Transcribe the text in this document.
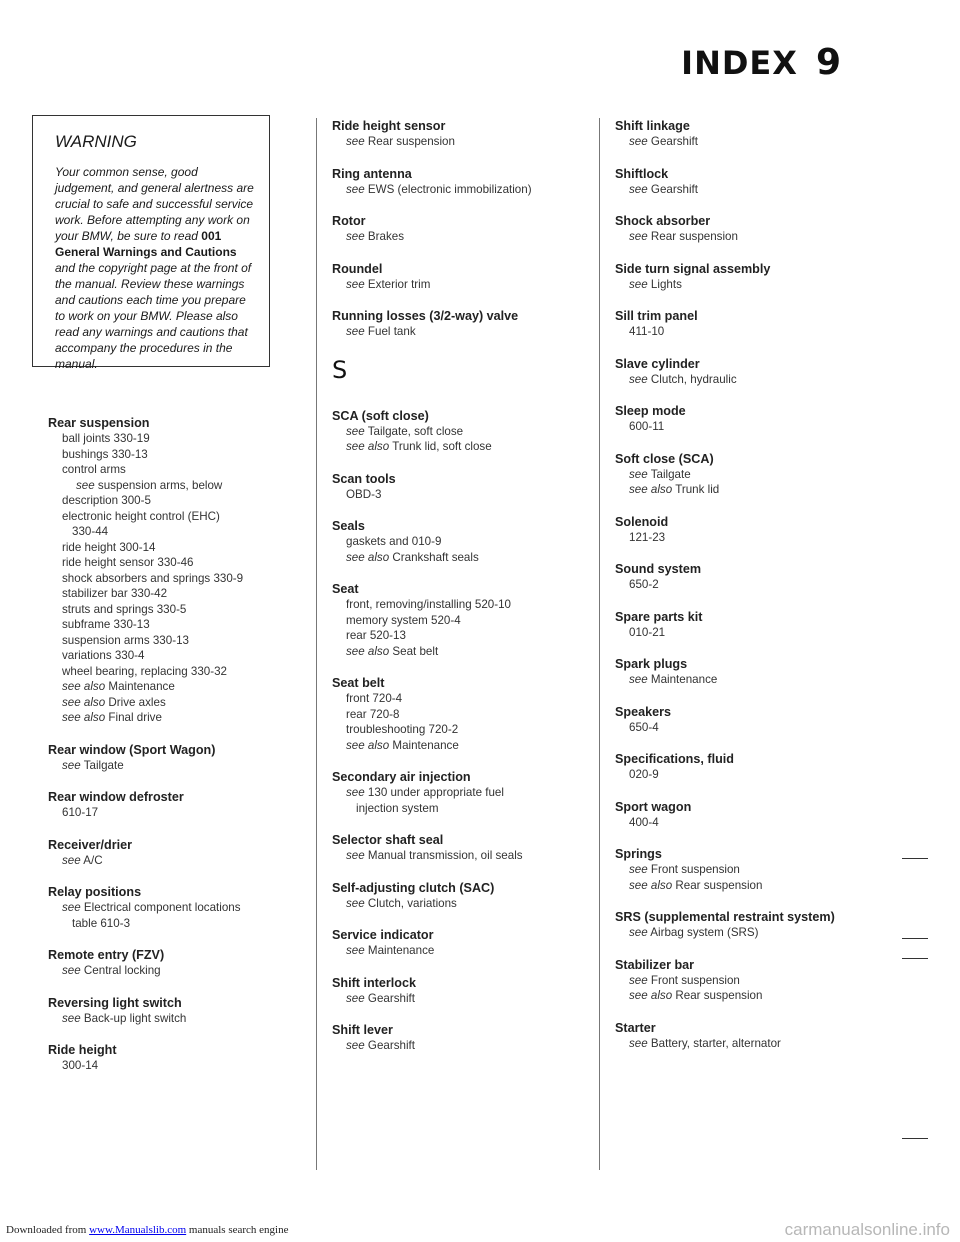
INDEX 9
WARNING
Your common sense, good judgement, and general alertness are crucial to safe and successful service work. Before attempting any work on your BMW, be sure to read 001 General Warnings and Cautions and the copyright page at the front of the manual. Review these warnings and cautions each time you prepare to work on your BMW. Please also read any warnings and cautions that accompany the procedures in the manual.
Rear suspension
ball joints 330-19
bushings 330-13
control arms
see suspension arms, below
description 300-5
electronic height control (EHC)
330-44
ride height 300-14
ride height sensor 330-46
shock absorbers and springs 330-9
stabilizer bar 330-42
struts and springs 330-5
subframe 330-13
suspension arms 330-13
variations 330-4
wheel bearing, replacing 330-32
see also Maintenance
see also Drive axles
see also Final drive
Rear window (Sport Wagon)
see Tailgate
Rear window defroster
610-17
Receiver/drier
see A/C
Relay positions
see Electrical component locations
table 610-3
Remote entry (FZV)
see Central locking
Reversing light switch
see Back-up light switch
Ride height
300-14
Ride height sensor
see Rear suspension
Ring antenna
see EWS (electronic immobilization)
Rotor
see Brakes
Roundel
see Exterior trim
Running losses (3/2-way) valve
see Fuel tank
S
SCA (soft close)
see Tailgate, soft close
see also Trunk lid, soft close
Scan tools
OBD-3
Seals
gaskets and 010-9
see also Crankshaft seals
Seat
front, removing/installing 520-10
memory system 520-4
rear 520-13
see also Seat belt
Seat belt
front 720-4
rear 720-8
troubleshooting 720-2
see also Maintenance
Secondary air injection
see 130 under appropriate fuel
injection system
Selector shaft seal
see Manual transmission, oil seals
Self-adjusting clutch (SAC)
see Clutch, variations
Service indicator
see Maintenance
Shift interlock
see Gearshift
Shift lever
see Gearshift
Shift linkage
see Gearshift
Shiftlock
see Gearshift
Shock absorber
see Rear suspension
Side turn signal assembly
see Lights
Sill trim panel
411-10
Slave cylinder
see Clutch, hydraulic
Sleep mode
600-11
Soft close (SCA)
see Tailgate
see also Trunk lid
Solenoid
121-23
Sound system
650-2
Spare parts kit
010-21
Spark plugs
see Maintenance
Speakers
650-4
Specifications, fluid
020-9
Sport wagon
400-4
Springs
see Front suspension
see also Rear suspension
SRS (supplemental restraint system)
see Airbag system (SRS)
Stabilizer bar
see Front suspension
see also Rear suspension
Starter
see Battery, starter, alternator
Downloaded from www.Manualslib.com manuals search engine	carmanualsonline.info
